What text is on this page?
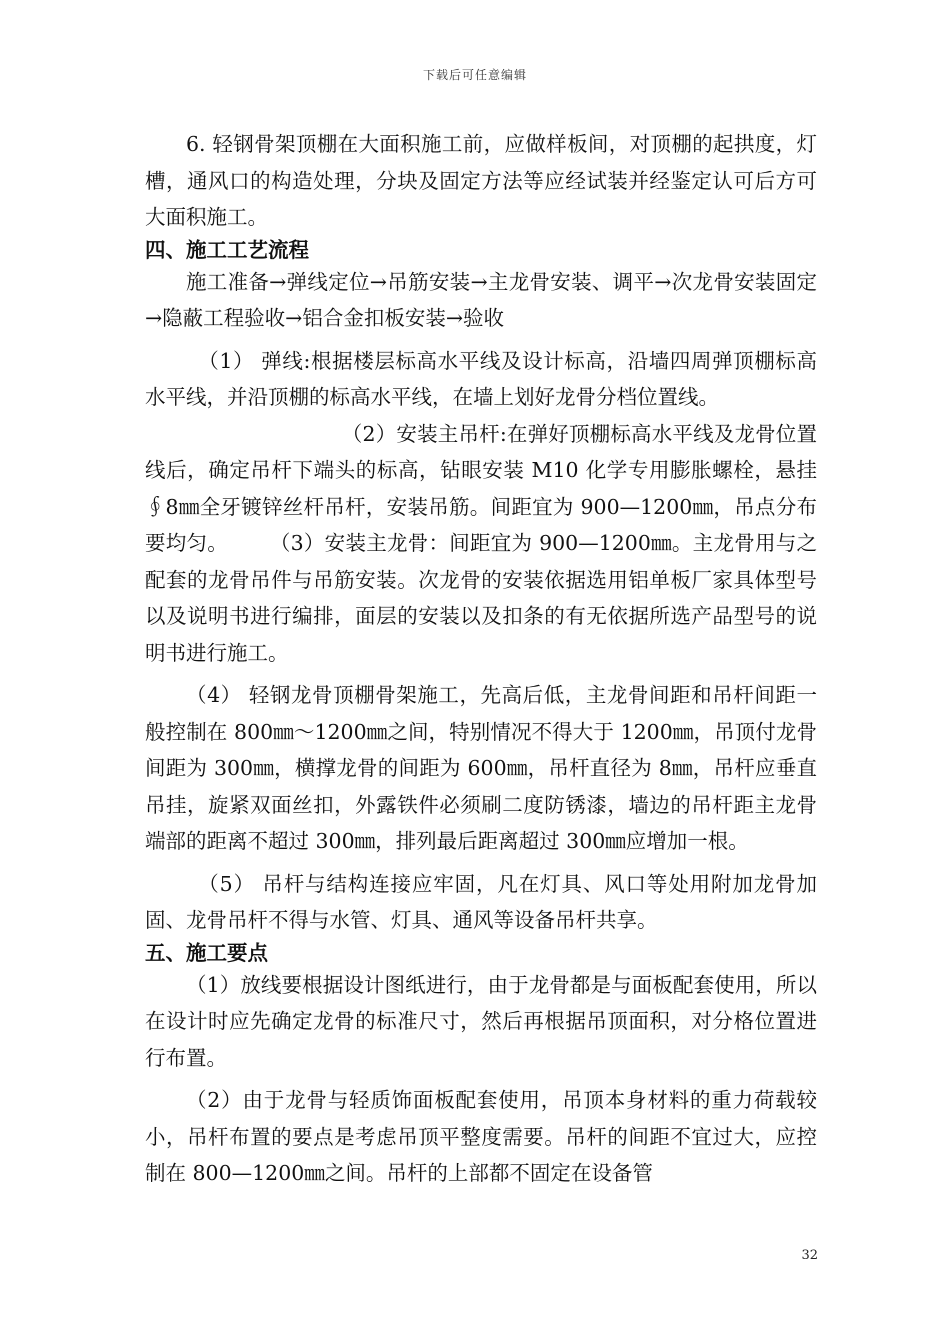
下载后可任意编辑

6. 轻钢骨架顶棚在大面积施工前，应做样板间，对顶棚的起拱度，灯槽，通风口的构造处理，分块及固定方法等应经试装并经鉴定认可后方可大面积施工。

四、施工工艺流程

施工准备→弹线定位→吊筋安装→主龙骨安装、调平→次龙骨安装固定→隐蔽工程验收→铝合金扣板安装→验收

（1） 弹线:根据楼层标高水平线及设计标高，沿墙四周弹顶棚标高水平线，并沿顶棚的标高水平线，在墙上划好龙骨分档位置线。

（2）安装主吊杆:在弹好顶棚标高水平线及龙骨位置线后，确定吊杆下端头的标高，钻眼安装 M10 化学专用膨胀螺栓，悬挂∮8㎜全牙镀锌丝杆吊杆，安装吊筋。间距宜为 900—1200㎜，吊点分布要均匀。　　　（3）安装主龙骨：间距宜为 900—1200㎜。主龙骨用与之配套的龙骨吊件与吊筋安装。次龙骨的安装依据选用铝单板厂家具体型号以及说明书进行编排，面层的安装以及扣条的有无依据所选产品型号的说明书进行施工。

（4） 轻钢龙骨顶棚骨架施工，先高后低，主龙骨间距和吊杆间距一般控制在 800㎜～1200㎜之间，特别情况不得大于 1200㎜，吊顶付龙骨间距为 300㎜，横撑龙骨的间距为 600㎜，吊杆直径为 8㎜，吊杆应垂直吊挂，旋紧双面丝扣，外露铁件必须刷二度防锈漆，墙边的吊杆距主龙骨端部的距离不超过 300㎜，排列最后距离超过 300㎜应增加一根。

（5） 吊杆与结构连接应牢固，凡在灯具、风口等处用附加龙骨加固、龙骨吊杆不得与水管、灯具、通风等设备吊杆共享。

五、施工要点

（1）放线要根据设计图纸进行，由于龙骨都是与面板配套使用，所以在设计时应先确定龙骨的标准尺寸，然后再根据吊顶面积，对分格位置进行布置。

（2）由于龙骨与轻质饰面板配套使用，吊顶本身材料的重力荷载较小，吊杆布置的要点是考虑吊顶平整度需要。吊杆的间距不宜过大，应控制在 800—1200㎜之间。吊杆的上部都不固定在设备管

32
